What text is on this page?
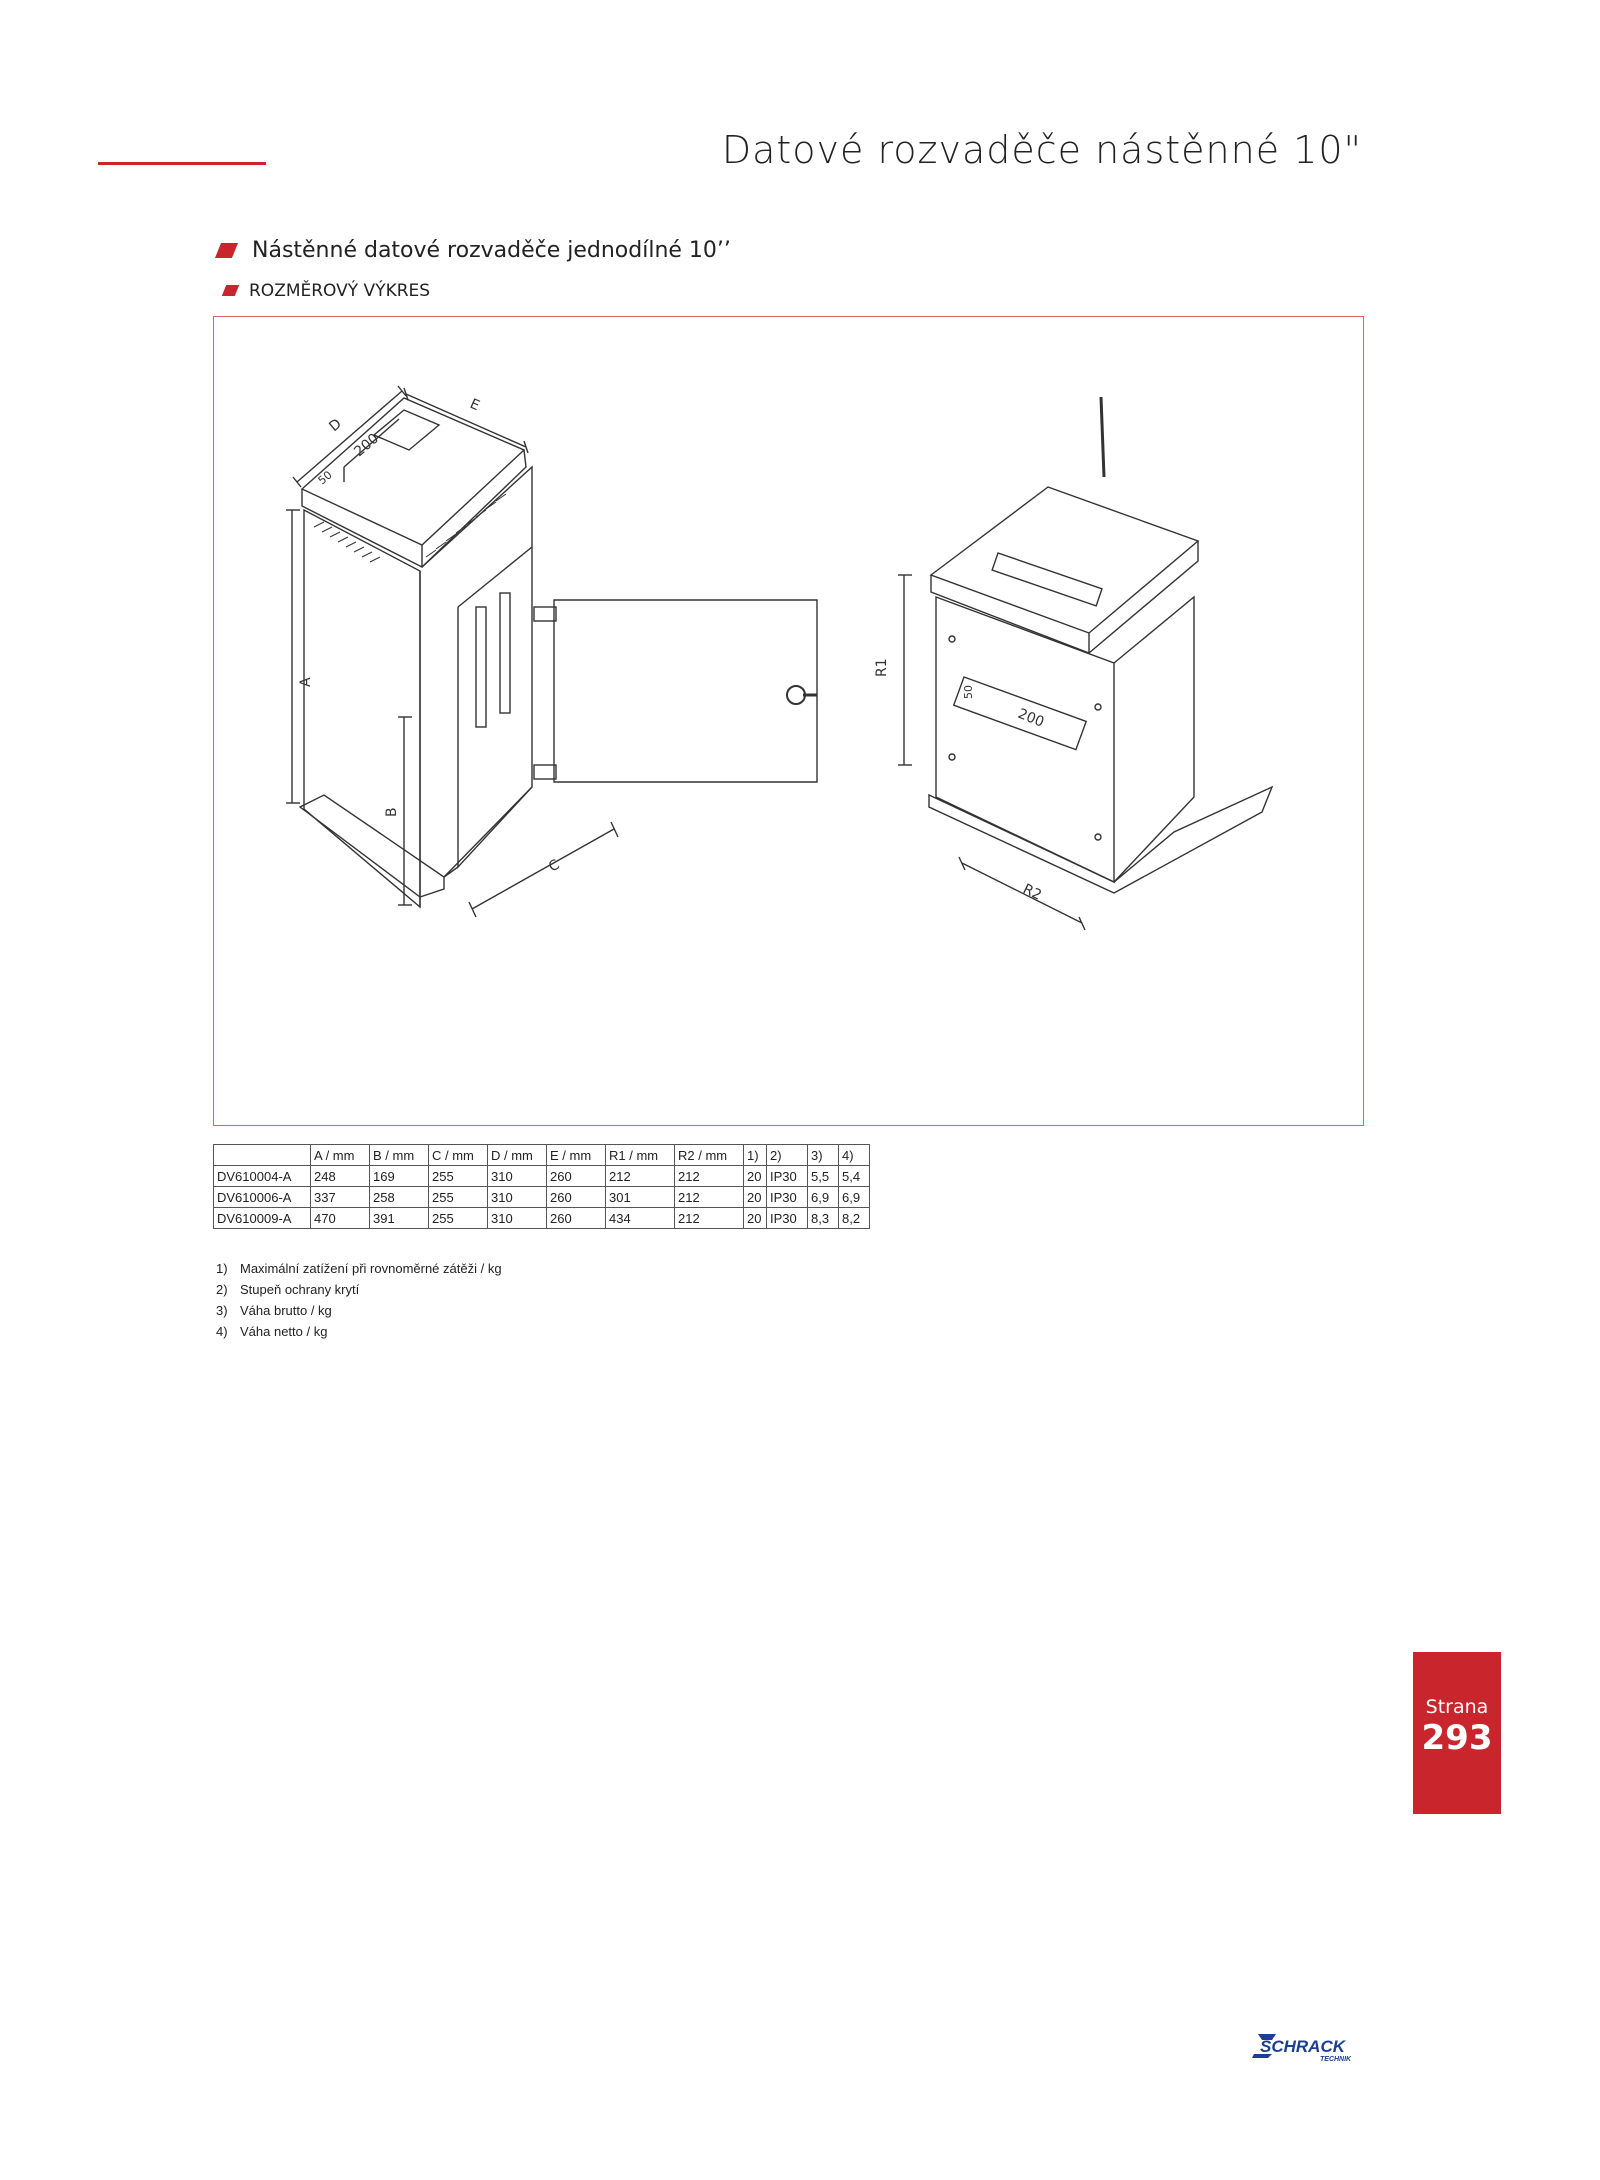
Datové rozvaděče nástěnné 10"
Nástěnné datové rozvaděče jednodílné 10’’
ROZMĚROVÝ VÝKRES
A
B
C
D
E
200
50
R1
200
50
R2
	A / mm	B / mm	C / mm	D / mm	E / mm	R1 / mm	R2 / mm	1)	2)	3)	4)
DV610004-A	248	169	255	310	260	212	212	20	IP30	5,5	5,4
DV610006-A	337	258	255	310	260	301	212	20	IP30	6,9	6,9
DV610009-A	470	391	255	310	260	434	212	20	IP30	8,3	8,2
1) Maximální zatížení při rovnoměrné zátěži / kg
2) Stupeň ochrany krytí
3) Váha brutto / kg
4) Váha netto / kg
Strana
293
SCHRACK
TECHNIK
